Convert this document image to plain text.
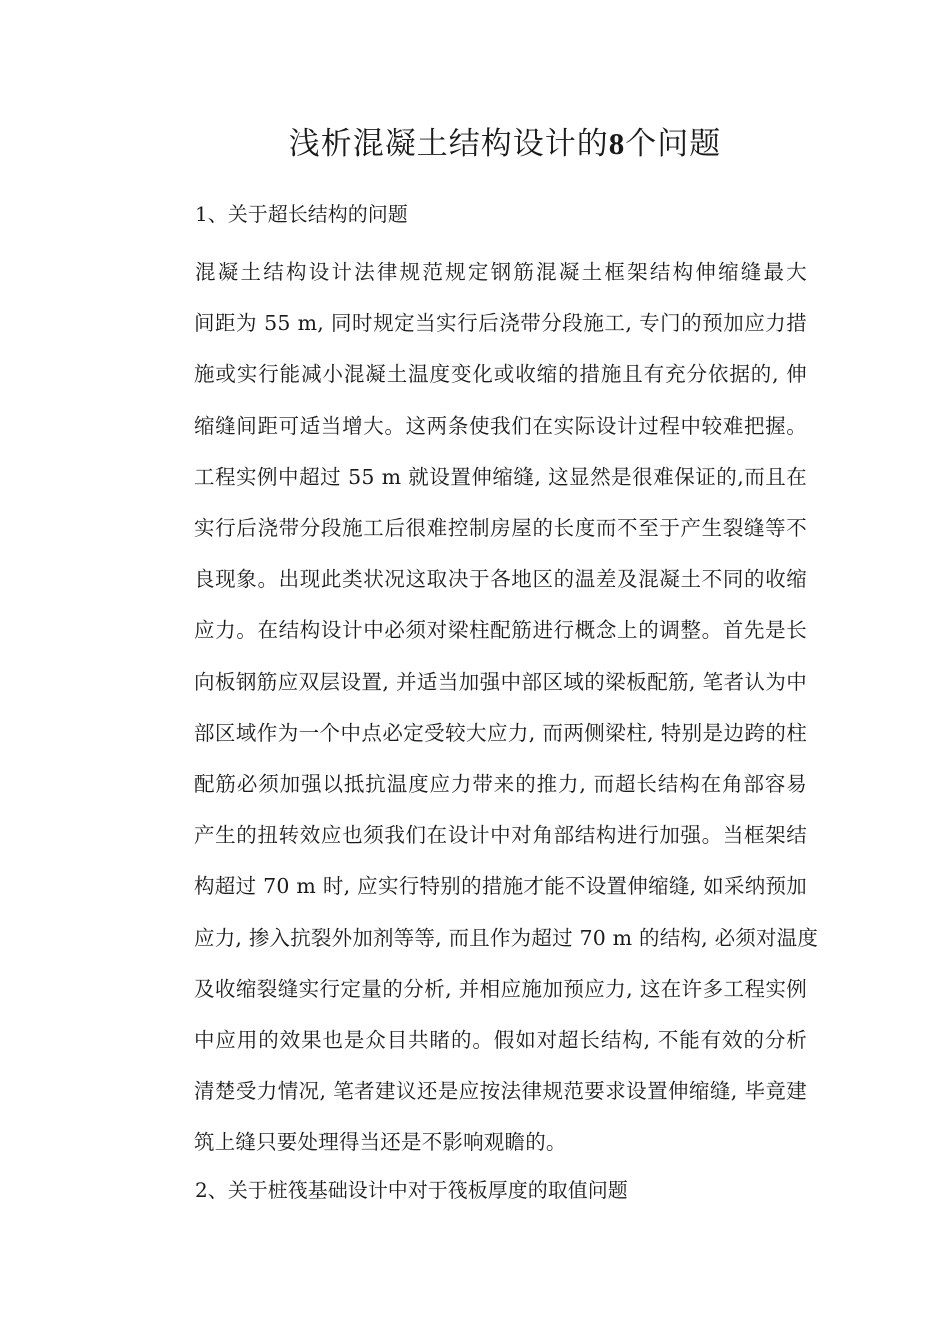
浅析混凝土结构设计的8个问题
1、关于超长结构的问题
混凝土结构设计法律规范规定钢筋混凝土框架结构伸缩缝最大
间距为 55 m, 同时规定当实行后浇带分段施工, 专门的预加应力措
施或实行能减小混凝土温度变化或收缩的措施且有充分依据的, 伸
缩缝间距可适当增大。这两条使我们在实际设计过程中较难把握。
工程实例中超过 55 m 就设置伸缩缝, 这显然是很难保证的,而且在
实行后浇带分段施工后很难控制房屋的长度而不至于产生裂缝等不
良现象。出现此类状况这取决于各地区的温差及混凝土不同的收缩
应力。在结构设计中必须对梁柱配筋进行概念上的调整。首先是长
向板钢筋应双层设置, 并适当加强中部区域的梁板配筋, 笔者认为中
部区域作为一个中点必定受较大应力, 而两侧梁柱, 特别是边跨的柱
配筋必须加强以抵抗温度应力带来的推力, 而超长结构在角部容易
产生的扭转效应也须我们在设计中对角部结构进行加强。当框架结
构超过 70 m 时, 应实行特别的措施才能不设置伸缩缝, 如采纳预加
应力, 掺入抗裂外加剂等等, 而且作为超过 70 m 的结构, 必须对温度
及收缩裂缝实行定量的分析, 并相应施加预应力, 这在许多工程实例
中应用的效果也是众目共睹的。假如对超长结构, 不能有效的分析
清楚受力情况, 笔者建议还是应按法律规范要求设置伸缩缝, 毕竟建
筑上缝只要处理得当还是不影响观瞻的。
2、关于桩筏基础设计中对于筏板厚度的取值问题
